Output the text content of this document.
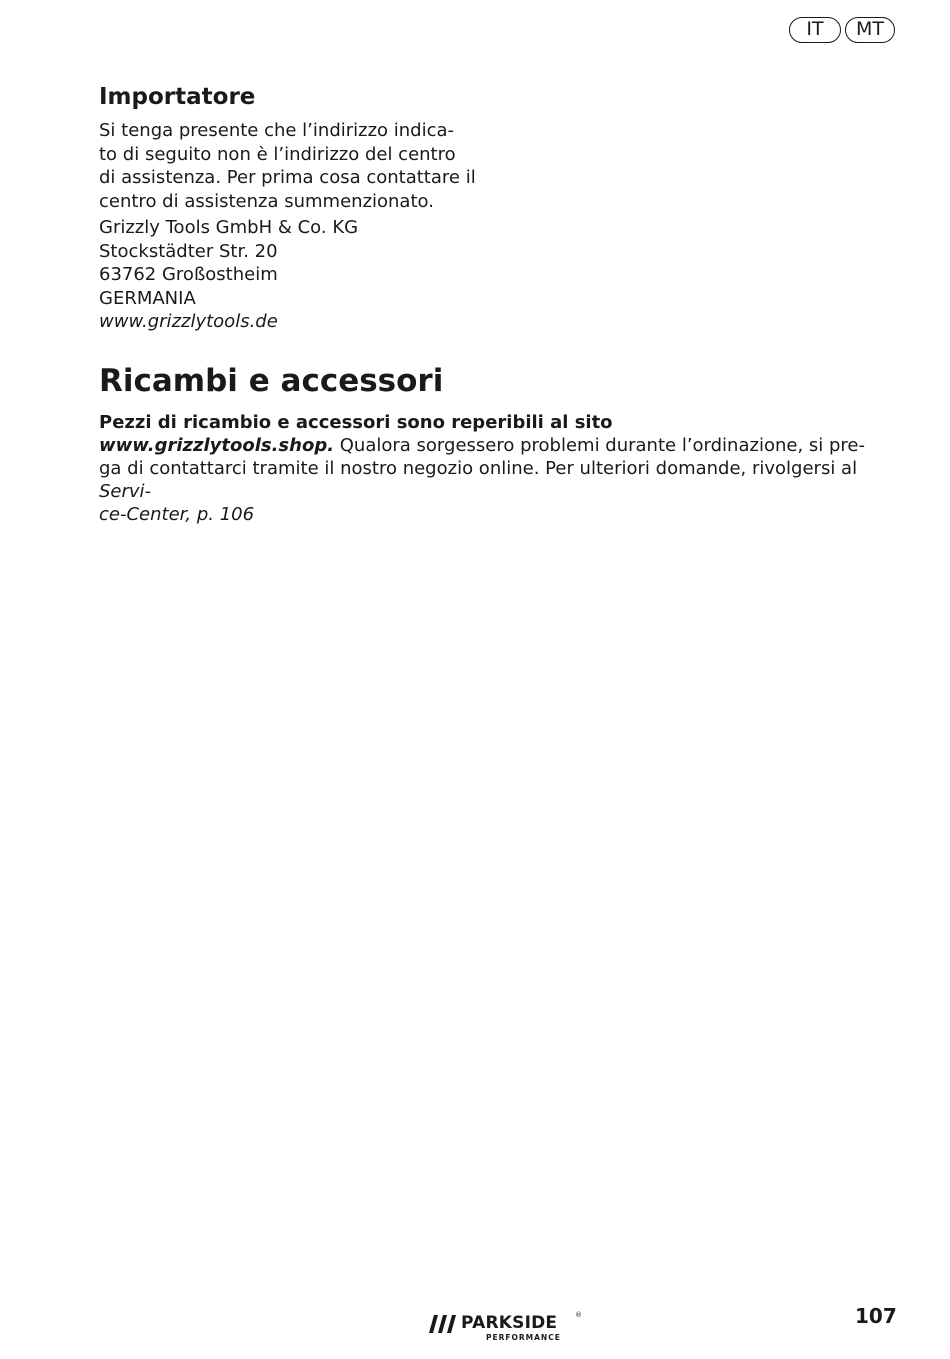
IT	MT
Importatore
Si tenga presente che l’indirizzo indica-
to di seguito non è l’indirizzo del centro
di assistenza. Per prima cosa contattare il
centro di assistenza summenzionato.
Grizzly Tools GmbH & Co. KG
Stockstädter Str. 20
63762 Großostheim
GERMANIA
www.grizzlytools.de
Ricambi e accessori
Pezzi di ricambio e accessori sono reperibili al sito
www.grizzlytools.shop. Qualora sorgessero problemi durante l’ordinazione, si pre-
ga di contattarci tramite il nostro negozio online. Per ulteriori domande, rivolgersi al Servi-
ce-Center, p. 106
PARKSIDE	®
PERFORMANCE
107
